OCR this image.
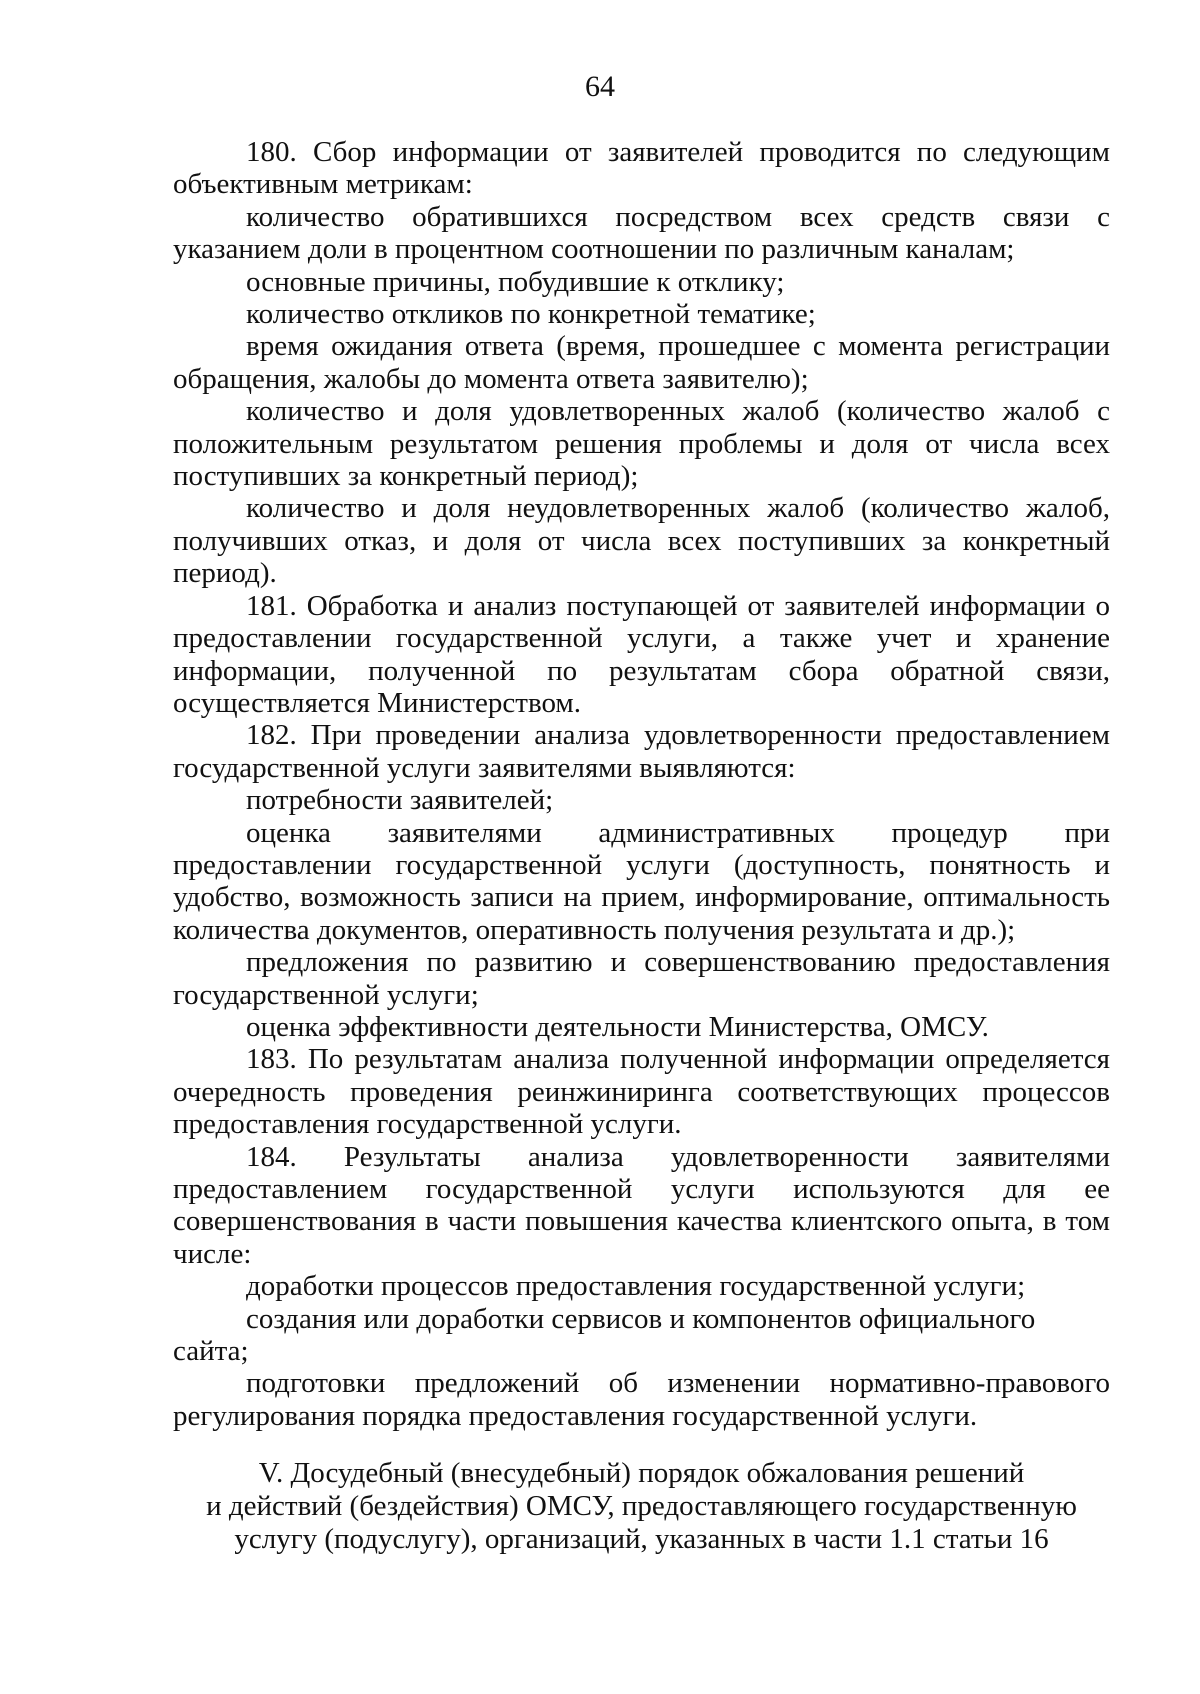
64

180. Сбор информации от заявителей проводится по следующим объективным метрикам:

количество обратившихся посредством всех средств связи с указанием доли в процентном соотношении по различным каналам;

основные причины, побудившие к отклику;

количество откликов по конкретной тематике;

время ожидания ответа (время, прошедшее с момента регистрации обращения, жалобы до момента ответа заявителю);

количество и доля удовлетворенных жалоб (количество жалоб с положительным результатом решения проблемы и доля от числа всех поступивших за конкретный период);

количество и доля неудовлетворенных жалоб (количество жалоб, получивших отказ, и доля от числа всех поступивших за конкретный период).

181. Обработка и анализ поступающей от заявителей информации о предоставлении государственной услуги, а также учет и хранение информации, полученной по результатам сбора обратной связи, осуществляется Министерством.

182. При проведении анализа удовлетворенности предоставлением государственной услуги заявителями выявляются:

потребности заявителей;

оценка заявителями административных процедур при предоставлении государственной услуги (доступность, понятность и удобство, возможность записи на прием, информирование, оптимальность количества документов, оперативность получения результата и др.);

предложения по развитию и совершенствованию предоставления государственной услуги;

оценка эффективности деятельности Министерства, ОМСУ.

183. По результатам анализа полученной информации определяется очередность проведения реинжиниринга соответствующих процессов предоставления государственной услуги.

184. Результаты анализа удовлетворенности заявителями предоставлением государственной услуги используются для ее совершенствования в части повышения качества клиентского опыта, в том числе:

доработки процессов предоставления государственной услуги;

создания или доработки сервисов и компонентов официального сайта;

подготовки предложений об изменении нормативно-правового регулирования порядка предоставления государственной услуги.

V. Досудебный (внесудебный) порядок обжалования решений
и действий (бездействия) ОМСУ, предоставляющего государственную
услугу (подуслугу), организаций, указанных в части 1.1 статьи 16
